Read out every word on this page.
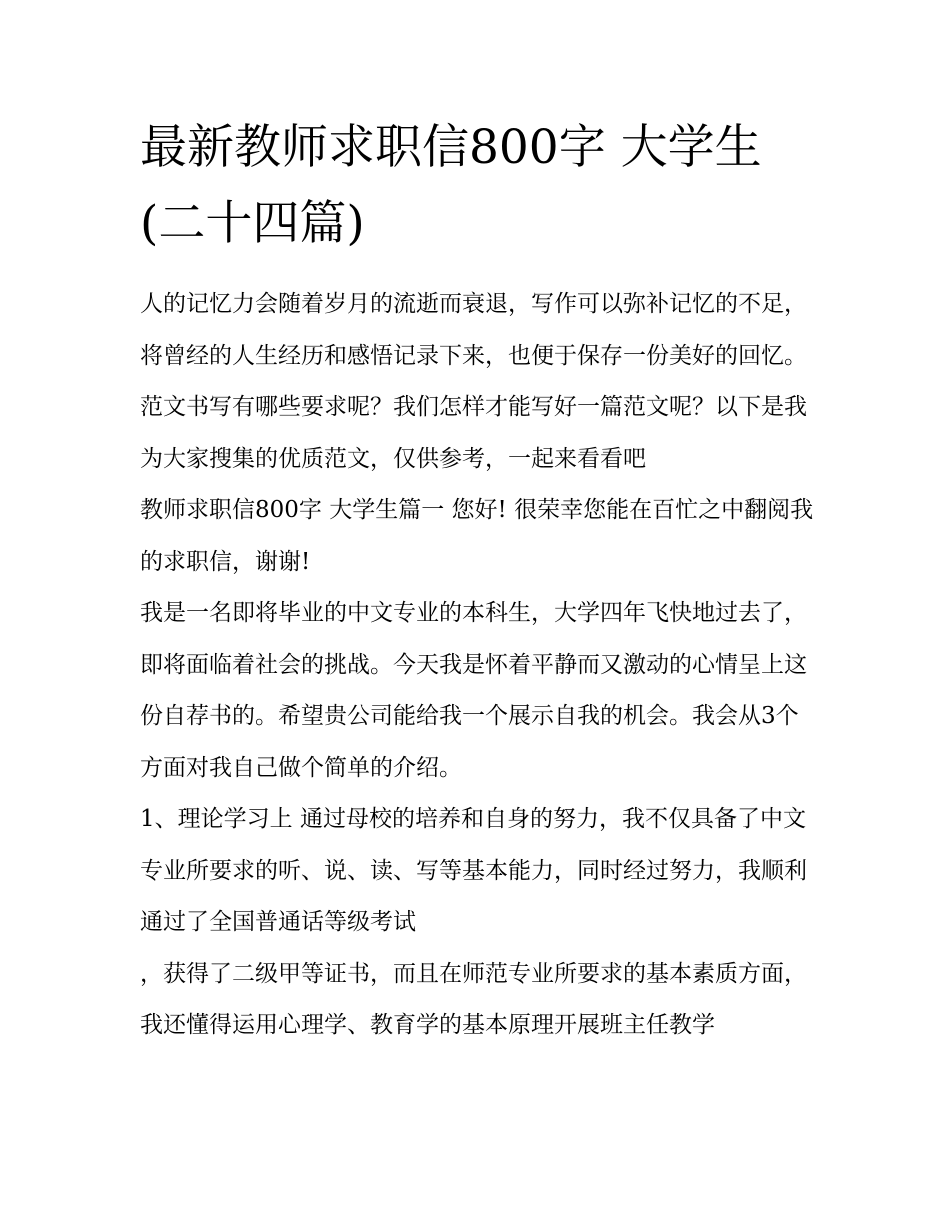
最新教师求职信800字 大学生
(二十四篇)

人的记忆力会随着岁月的流逝而衰退，写作可以弥补记忆的不足，将曾经的人生经历和感悟记录下来，也便于保存一份美好的回忆。范文书写有哪些要求呢？我们怎样才能写好一篇范文呢？以下是我为大家搜集的优质范文，仅供参考，一起来看看吧

教师求职信800字 大学生篇一 您好! 很荣幸您能在百忙之中翻阅我的求职信，谢谢!

我是一名即将毕业的中文专业的本科生，大学四年飞快地过去了，即将面临着社会的挑战。今天我是怀着平静而又激动的心情呈上这份自荐书的。希望贵公司能给我一个展示自我的机会。我会从3个方面对我自己做个简单的介绍。

1、理论学习上 通过母校的培养和自身的努力，我不仅具备了中文专业所要求的听、说、读、写等基本能力，同时经过努力，我顺利通过了全国普通话等级考试

，获得了二级甲等证书，而且在师范专业所要求的基本素质方面，我还懂得运用心理学、教育学的基本原理开展班主任教学
